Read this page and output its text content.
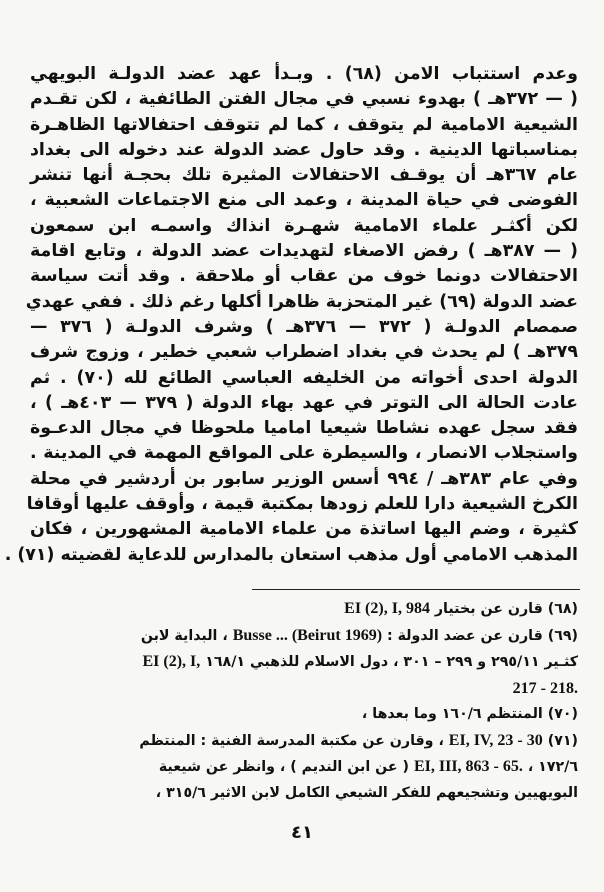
وعدم استتباب الامن (٦٨) . وبـدأ عهد عضد الدولـة البويهي
( — ٣٧٢هـ ) بهدوء نسبي في مجال الفتن الطائفية ، لكن تقـدم
الشيعية الامامية لم يتوقف ، كما لم تتوقف احتفالاتها الظاهـرة
بمناسباتها الدينية . وقد حاول عضد الدولة عند دخوله الى بغداد
عام ٣٦٧هـ أن يوقـف الاحتفالات المثيرة تلك بحجـة أنها تنشر
الفوضى في حياة المدينة ، وعمد الى منع الاجتماعات الشعبية ،
لكن أكثـر علماء الامامية شهـرة انذاك واسمـه ابن سمعون
( — ٣٨٧هـ ) رفض الاصغاء لتهديدات عضد الدولة ، وتابع اقامة
الاحتفالات دونما خوف من عقاب أو ملاحقة . وقد أتت سياسة
عضد الدولة (٦٩) غير المتحزبة ظاهرا أكلها رغم ذلك . ففي عهدي
صمصام الدولـة ( ٣٧٢ — ٣٧٦هـ ) وشرف الدولـة ( ٣٧٦ —
٣٧٩هـ ) لم يحدث في بغداد اضطراب شعبي خطير ، وزوج شرف
الدولة احدى أخواته من الخليفه العباسي الطائع لله (٧٠) . ثم
عادت الحالة الى التوتر في عهد بهاء الدولة ( ٣٧٩ — ٤٠٣هـ ) ،
فقد سجل عهده نشاطا شيعيا اماميا ملحوظا في مجال الدعـوة
واستجلاب الانصار ، والسيطرة على المواقع المهمة في المدينة .
وفي عام ٣٨٣هـ / ٩٩٤ أسس الوزير سابور بن أردشير في محلة
الكرخ الشيعية دارا للعلم زودها بمكتبة قيمة ، وأوقف عليها أوقافا
كثيرة ، وضم اليها اساتذة من علماء الامامية المشهورين ، فكان
المذهب الامامي أول مذهب استعان بالمدارس للدعاية لقضيته (٧١) .
(٦٨) قارن عن بختيار EI (2), I, 984
(٦٩) قارن عن عضد الدولة : Busse ... (Beirut 1969) ، البداية لابن
كثـير ٢٩٥/١١ و ٢٩٩ – ٣٠١ ، دول الاسلام للذهبي ١٦٨/١ EI (2), I,
217 - 218.
(٧٠) المنتظم ١٦٠/٦ وما بعدها ،
(٧١) EI, IV, 23 - 30 ، وقارن عن مكتبة المدرسة الفنية : المنتظم
١٧٢/٦ ، EI, III, 863 - 65. ( عن ابن النديم ) ، وانظر عن شيعية
البويهيين وتشجيعهم للفكر الشيعي الكامل لابن الاثير ٣١٥/٦ ،
٤١
